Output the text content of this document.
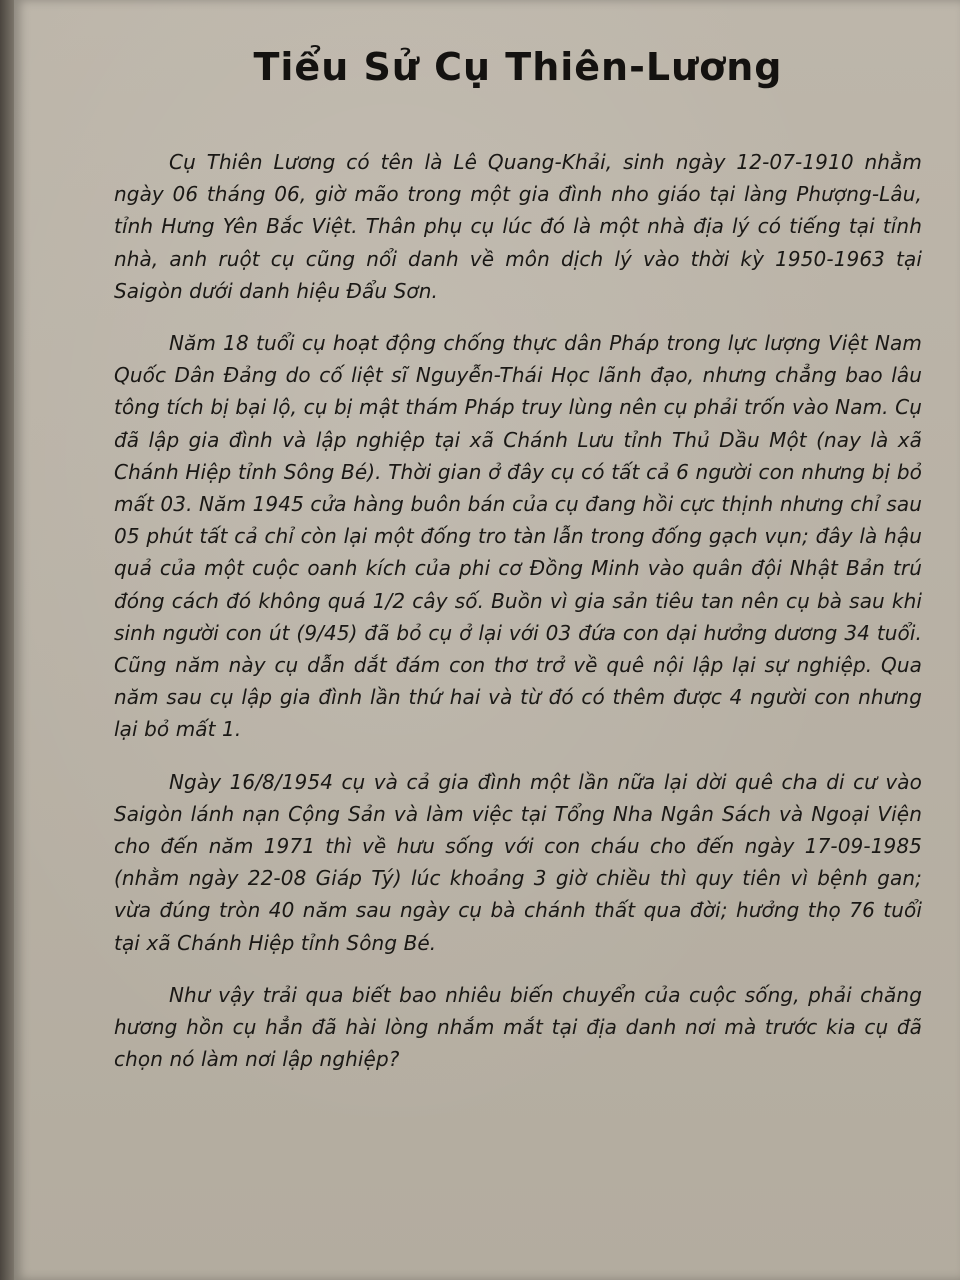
Tiểu Sử Cụ Thiên-Lương

Cụ Thiên Lương có tên là Lê Quang-Khải, sinh ngày 12-07-1910 nhằm ngày 06 tháng 06, giờ mão trong một gia đình nho giáo tại làng Phượng-Lâu, tỉnh Hưng Yên Bắc Việt. Thân phụ cụ lúc đó là một nhà địa lý có tiếng tại tỉnh nhà, anh ruột cụ cũng nổi danh về môn dịch lý vào thời kỳ 1950-1963 tại Saigòn dưới danh hiệu Đẩu Sơn.

Năm 18 tuổi cụ hoạt động chống thực dân Pháp trong lực lượng Việt Nam Quốc Dân Đảng do cố liệt sĩ Nguyễn-Thái Học lãnh đạo, nhưng chẳng bao lâu tông tích bị bại lộ, cụ bị mật thám Pháp truy lùng nên cụ phải trốn vào Nam. Cụ đã lập gia đình và lập nghiệp tại xã Chánh Lưu tỉnh Thủ Dầu Một (nay là xã Chánh Hiệp tỉnh Sông Bé). Thời gian ở đây cụ có tất cả 6 người con nhưng bị bỏ mất 03. Năm 1945 cửa hàng buôn bán của cụ đang hồi cực thịnh nhưng chỉ sau 05 phút tất cả chỉ còn lại một đống tro tàn lẫn trong đống gạch vụn; đây là hậu quả của một cuộc oanh kích của phi cơ Đồng Minh vào quân đội Nhật Bản trú đóng cách đó không quá 1/2 cây số. Buồn vì gia sản tiêu tan nên cụ bà sau khi sinh người con út (9/45) đã bỏ cụ ở lại với 03 đứa con dại hưởng dương 34 tuổi. Cũng năm này cụ dẫn dắt đám con thơ trở về quê nội lập lại sự nghiệp. Qua năm sau cụ lập gia đình lần thứ hai và từ đó có thêm được 4 người con nhưng lại bỏ mất 1.

Ngày 16/8/1954 cụ và cả gia đình một lần nữa lại dời quê cha di cư vào Saigòn lánh nạn Cộng Sản và làm việc tại Tổng Nha Ngân Sách và Ngoại Viện cho đến năm 1971 thì về hưu sống với con cháu cho đến ngày 17-09-1985 (nhằm ngày 22-08 Giáp Tý) lúc khoảng 3 giờ chiều thì quy tiên vì bệnh gan; vừa đúng tròn 40 năm sau ngày cụ bà chánh thất qua đời; hưởng thọ 76 tuổi tại xã Chánh Hiệp tỉnh Sông Bé.

Như vậy trải qua biết bao nhiêu biến chuyển của cuộc sống, phải chăng hương hồn cụ hẳn đã hài lòng nhắm mắt tại địa danh nơi mà trước kia cụ đã chọn nó làm nơi lập nghiệp?
